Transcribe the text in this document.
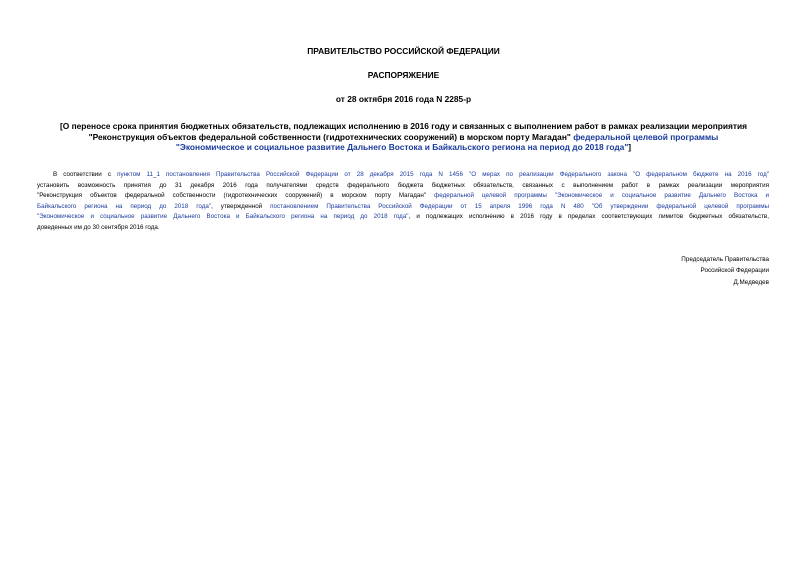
ПРАВИТЕЛЬСТВО РОССИЙСКОЙ ФЕДЕРАЦИИ
РАСПОРЯЖЕНИЕ
от 28 октября 2016 года N 2285-р
[О переносе срока принятия бюджетных обязательств, подлежащих исполнению в 2016 году и связанных с выполнением работ в рамках реализации мероприятия
"Реконструкция объектов федеральной собственности (гидротехнических сооружений) в морском порту Магадан" федеральной целевой программы
"Экономическое и социальное развитие Дальнего Востока и Байкальского региона на период до 2018 года"]
В соответствии с пунктом 11_1 постановления Правительства Российской Федерации от 28 декабря 2015 года N 1456 "О мерах по реализации Федерального закона "О федеральном бюджете на 2016 год"
установить возможность принятия до 31 декабря 2016 года получателями средств федерального бюджета бюджетных обязательств, связанных с выполнением работ в рамках реализации мероприятия
"Реконструкция объектов федеральной собственности (гидротехнических сооружений) в морском порту Магадан" федеральной целевой программы "Экономическое и социальное развитие Дальнего Востока и
Байкальского региона на период до 2018 года", утвержденной постановлением Правительства Российской Федерации от 15 апреля 1996 года N 480 "Об утверждении федеральной целевой программы
"Экономическое и социальное развитие Дальнего Востока и Байкальского региона на период до 2018 года", и подлежащих исполнению в 2016 году в пределах соответствующих лимитов бюджетных обязательств,
доведенных им до 30 сентября 2016 года.
Председатель Правительства
Российской Федерации
Д.Медведев
